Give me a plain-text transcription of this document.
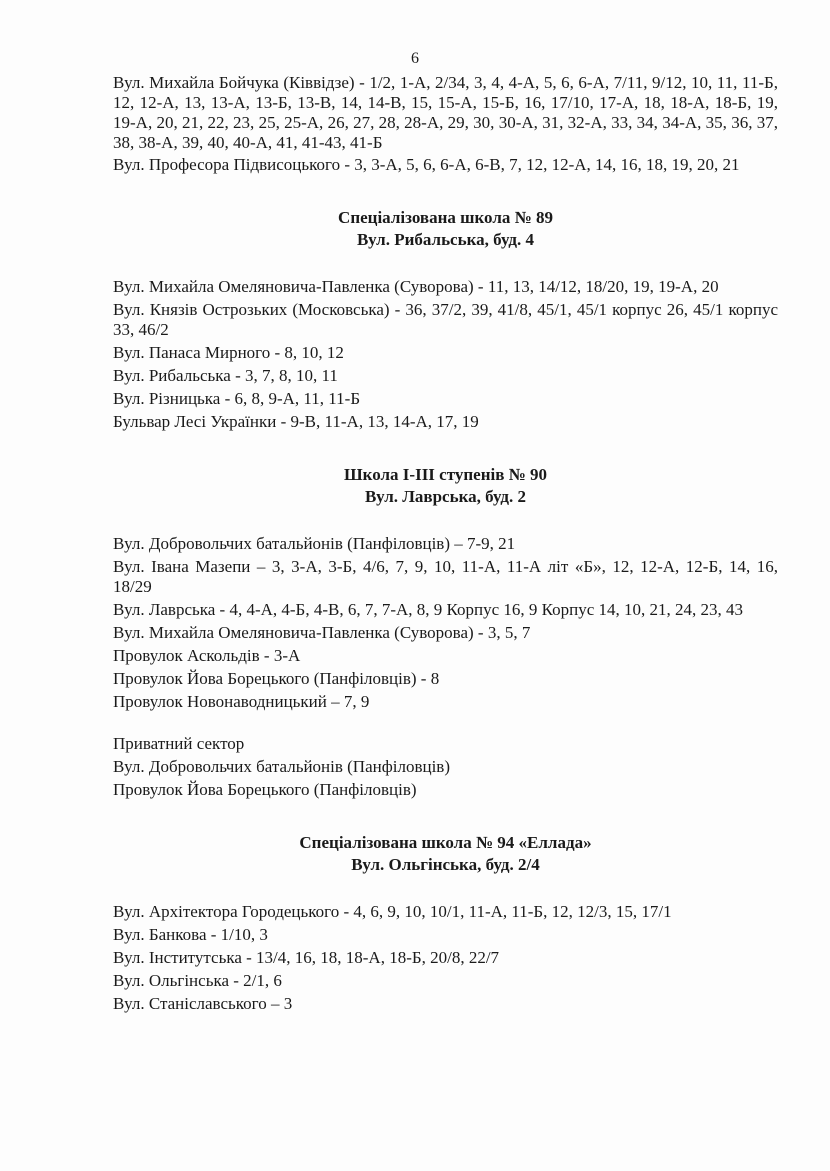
6

Вул. Михайла Бойчука (Ківвідзе) - 1/2, 1-А, 2/34, 3, 4, 4-А, 5, 6, 6-А, 7/11, 9/12, 10, 11, 11-Б, 12, 12-А, 13, 13-А, 13-Б, 13-В, 14, 14-В, 15, 15-А, 15-Б, 16, 17/10, 17-А, 18, 18-А, 18-Б, 19, 19-А, 20, 21, 22, 23, 25, 25-А, 26, 27, 28, 28-А, 29, 30, 30-А, 31, 32-А, 33, 34, 34-А, 35, 36, 37, 38, 38-А, 39, 40, 40-А, 41, 41-43, 41-Б

Вул. Професора Підвисоцького - 3, 3-А, 5, 6, 6-А, 6-В, 7, 12, 12-А, 14, 16, 18, 19, 20, 21

Спеціалізована школа № 89
Вул. Рибальська, буд. 4

Вул. Михайла Омеляновича-Павленка (Суворова) - 11, 13, 14/12, 18/20, 19, 19-А, 20

Вул. Князів Острозьких (Московська) - 36, 37/2, 39, 41/8, 45/1, 45/1 корпус 26, 45/1 корпус 33, 46/2

Вул. Панаса Мирного - 8, 10, 12

Вул. Рибальська - 3, 7, 8, 10, 11

Вул. Різницька - 6, 8, 9-А, 11, 11-Б

Бульвар Лесі Українки - 9-В, 11-А, 13, 14-А, 17, 19

Школа І-ІІІ ступенів № 90
Вул. Лаврська, буд. 2

Вул. Добровольчих батальйонів (Панфіловців) – 7-9, 21

Вул. Івана Мазепи – 3, 3-А, 3-Б, 4/6, 7, 9, 10, 11-А, 11-А літ «Б», 12, 12-А, 12-Б, 14, 16, 18/29

Вул. Лаврська - 4, 4-А, 4-Б, 4-В, 6, 7, 7-А, 8, 9 Корпус 16, 9 Корпус 14, 10, 21, 24, 23, 43

Вул. Михайла Омеляновича-Павленка (Суворова) - 3, 5, 7

Провулок Аскольдів - 3-А

Провулок Йова Борецького (Панфіловців) - 8

Провулок Новонаводницький – 7, 9

Приватний сектор

Вул. Добровольчих батальйонів (Панфіловців)

Провулок Йова Борецького (Панфіловців)

Спеціалізована школа № 94 «Еллада»
Вул. Ольгінська, буд. 2/4

Вул. Архітектора Городецького - 4, 6, 9, 10, 10/1, 11-А, 11-Б, 12, 12/3, 15, 17/1

Вул. Банкова - 1/10, 3

Вул. Інститутська - 13/4, 16, 18, 18-А, 18-Б, 20/8, 22/7

Вул. Ольгінська - 2/1, 6

Вул. Станіславського – 3
